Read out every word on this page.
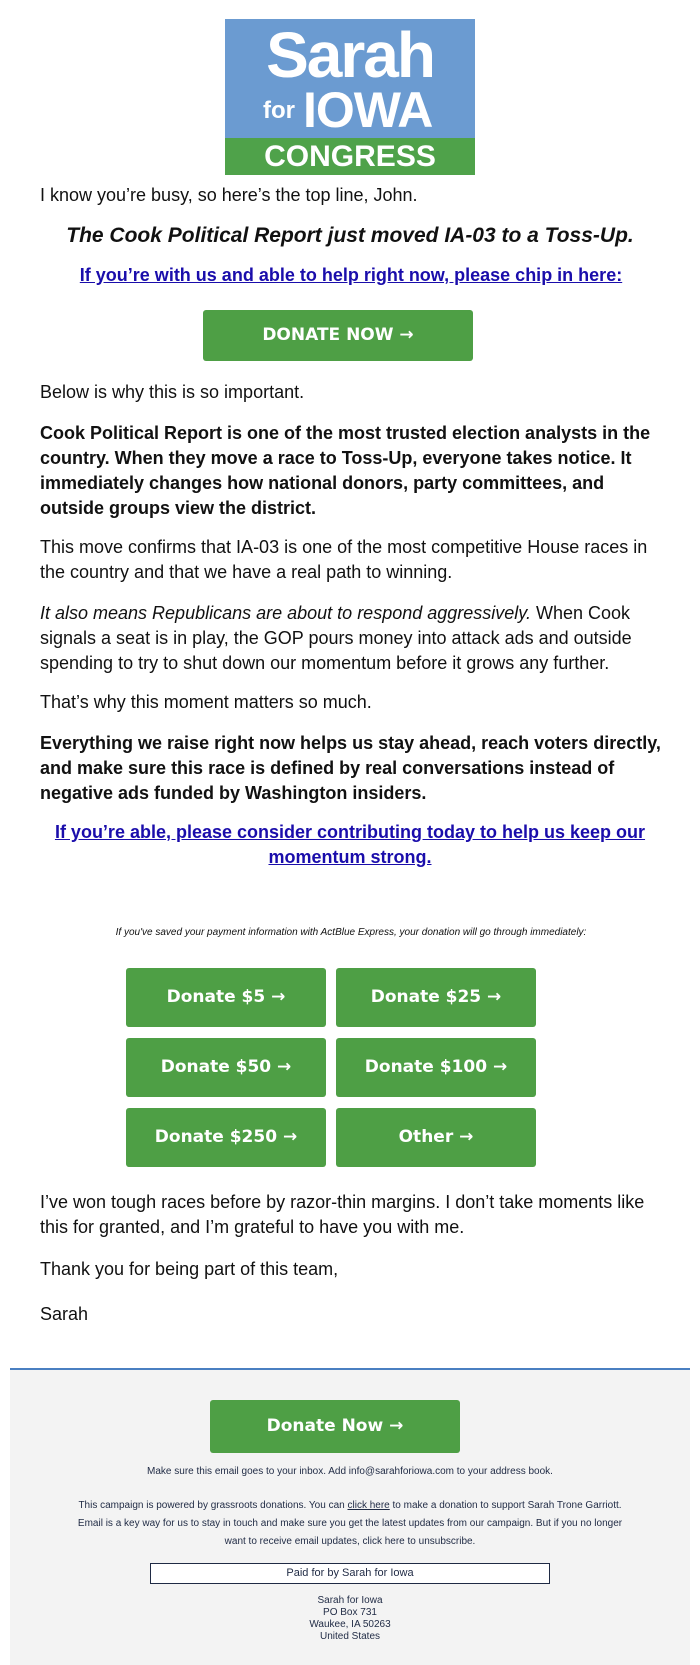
Sarah
for IOWA
CONGRESS

I know you’re busy, so here’s the top line, John.

The Cook Political Report just moved IA-03 to a Toss-Up.

If you’re with us and able to help right now, please chip in here:

DONATE NOW →

Below is why this is so important.

Cook Political Report is one of the most trusted election analysts in the country. When they move a race to Toss-Up, everyone takes notice. It immediately changes how national donors, party committees, and outside groups view the district.

This move confirms that IA-03 is one of the most competitive House races in the country and that we have a real path to winning.

It also means Republicans are about to respond aggressively. When Cook signals a seat is in play, the GOP pours money into attack ads and outside spending to try to shut down our momentum before it grows any further.

That’s why this moment matters so much.

Everything we raise right now helps us stay ahead, reach voters directly, and make sure this race is defined by real conversations instead of negative ads funded by Washington insiders.

If you’re able, please consider contributing today to help us keep our momentum strong.

If you've saved your payment information with ActBlue Express, your donation will go through immediately:
Donate $5 →	Donate $25 →
Donate $50 →	Donate $100 →
Donate $250 →	Other →

I’ve won tough races before by razor-thin margins. I don’t take moments like this for granted, and I’m grateful to have you with me.

Thank you for being part of this team,

Sarah

Donate Now →
Make sure this email goes to your inbox. Add info@sarahforiowa.com to your address book.
This campaign is powered by grassroots donations. You can click here to make a donation to support Sarah Trone Garriott.
Email is a key way for us to stay in touch and make sure you get the latest updates from our campaign. But if you no longer
want to receive email updates, click here to unsubscribe.
Paid for by Sarah for Iowa
Sarah for Iowa
PO Box 731
Waukee, IA 50263
United States
